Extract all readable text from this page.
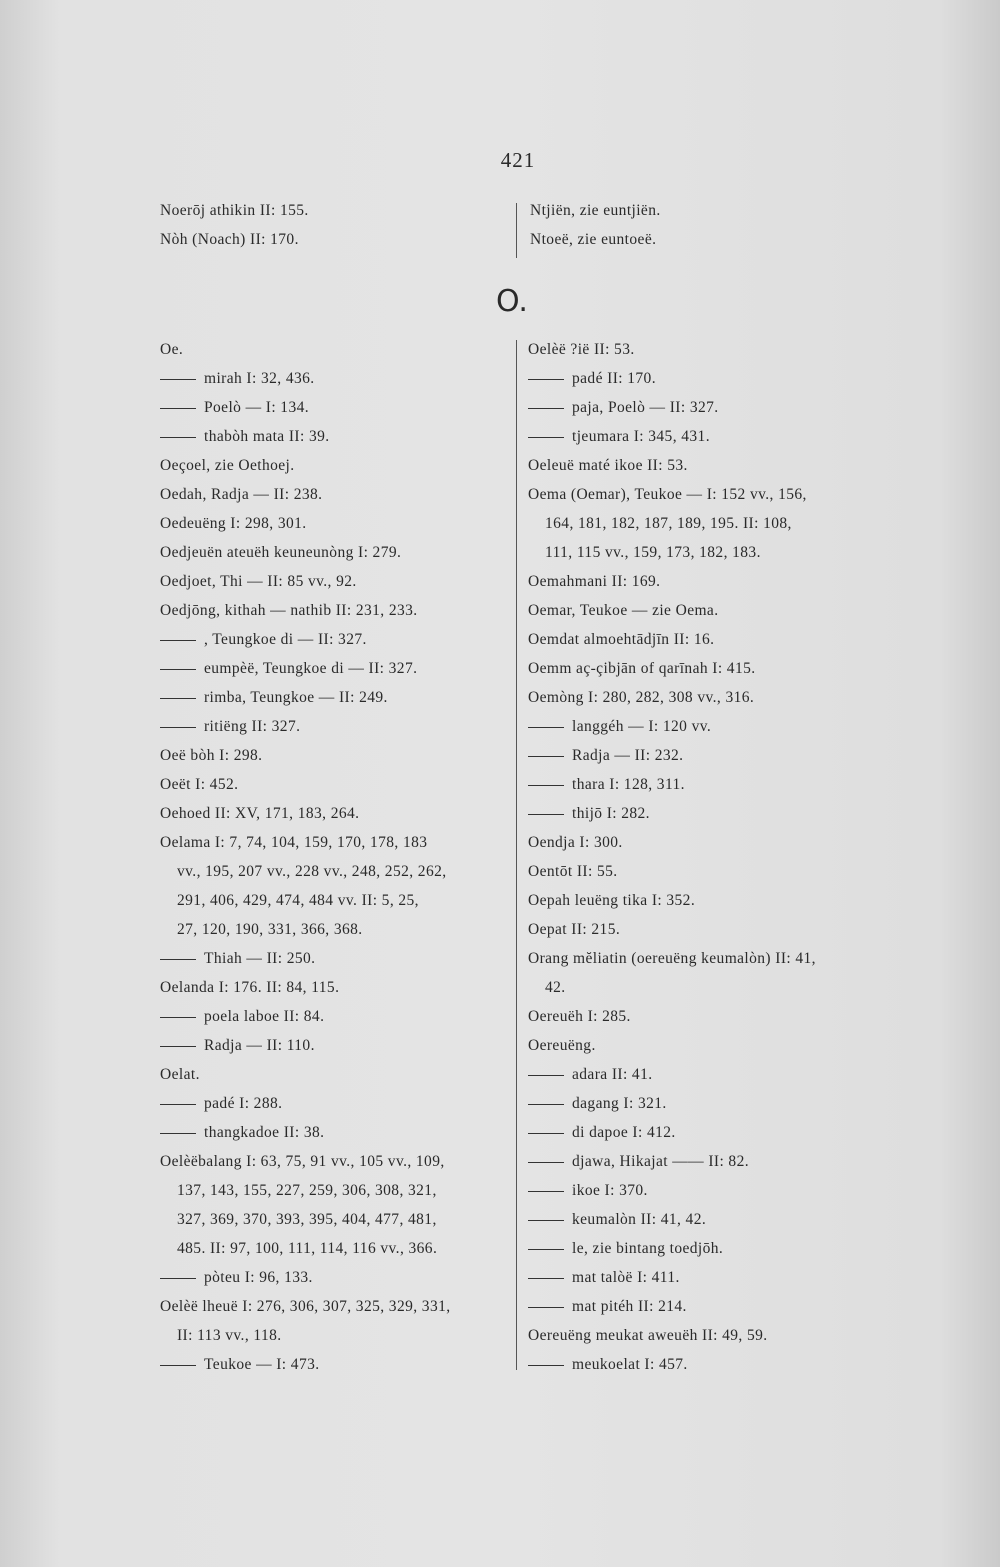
421
Noerōj athikin II: 155.
Nòh (Noach) II: 170.
Ntjiën, zie euntjiën.
Ntoeë, zie euntoeë.
O.
Oe.
mirah I: 32, 436.
Poelò — I: 134.
thabòh mata II: 39.
Oeçoel, zie Oethoej.
Oedah, Radja — II: 238.
Oedeuëng I: 298, 301.
Oedjeuën ateuëh keuneunòng I: 279.
Oedjoet, Thi — II: 85 vv., 92.
Oedjōng, kithah — nathib II: 231, 233.
, Teungkoe di — II: 327.
eumpèë, Teungkoe di — II: 327.
rimba, Teungkoe — II: 249.
ritiëng II: 327.
Oeë bòh I: 298.
Oeët I: 452.
Oehoed II: XV, 171, 183, 264.
Oelama I: 7, 74, 104, 159, 170, 178, 183
vv., 195, 207 vv., 228 vv., 248, 252, 262,
291, 406, 429, 474, 484 vv. II: 5, 25,
27, 120, 190, 331, 366, 368.
Thiah — II: 250.
Oelanda I: 176. II: 84, 115.
poela laboe II: 84.
Radja — II: 110.
Oelat.
padé I: 288.
thangkadoe II: 38.
Oelèëbalang I: 63, 75, 91 vv., 105 vv., 109,
137, 143, 155, 227, 259, 306, 308, 321,
327, 369, 370, 393, 395, 404, 477, 481,
485. II: 97, 100, 111, 114, 116 vv., 366.
pòteu I: 96, 133.
Oelèë lheuë I: 276, 306, 307, 325, 329, 331,
II: 113 vv., 118.
Teukoe — I: 473.
Oelèë ?ië II: 53.
padé II: 170.
paja, Poelò — II: 327.
tjeumara I: 345, 431.
Oeleuë maté ikoe II: 53.
Oema (Oemar), Teukoe — I: 152 vv., 156,
164, 181, 182, 187, 189, 195. II: 108,
111, 115 vv., 159, 173, 182, 183.
Oemahmani II: 169.
Oemar, Teukoe — zie Oema.
Oemdat almoehtādjīn II: 16.
Oemm aç-çibjān of qarīnah I: 415.
Oemòng I: 280, 282, 308 vv., 316.
langgéh — I: 120 vv.
Radja — II: 232.
thara I: 128, 311.
thijō I: 282.
Oendja I: 300.
Oentōt II: 55.
Oepah leuëng tika I: 352.
Oepat II: 215.
Orang mĕliatin (oereuëng keumalòn) II: 41,
42.
Oereuëh I: 285.
Oereuëng.
adara II: 41.
dagang I: 321.
di dapoe I: 412.
djawa, Hikajat —— II: 82.
ikoe I: 370.
keumalòn II: 41, 42.
le, zie bintang toedjōh.
mat talòë I: 411.
mat pitéh II: 214.
Oereuëng meukat aweuëh II: 49, 59.
meukoelat I: 457.
